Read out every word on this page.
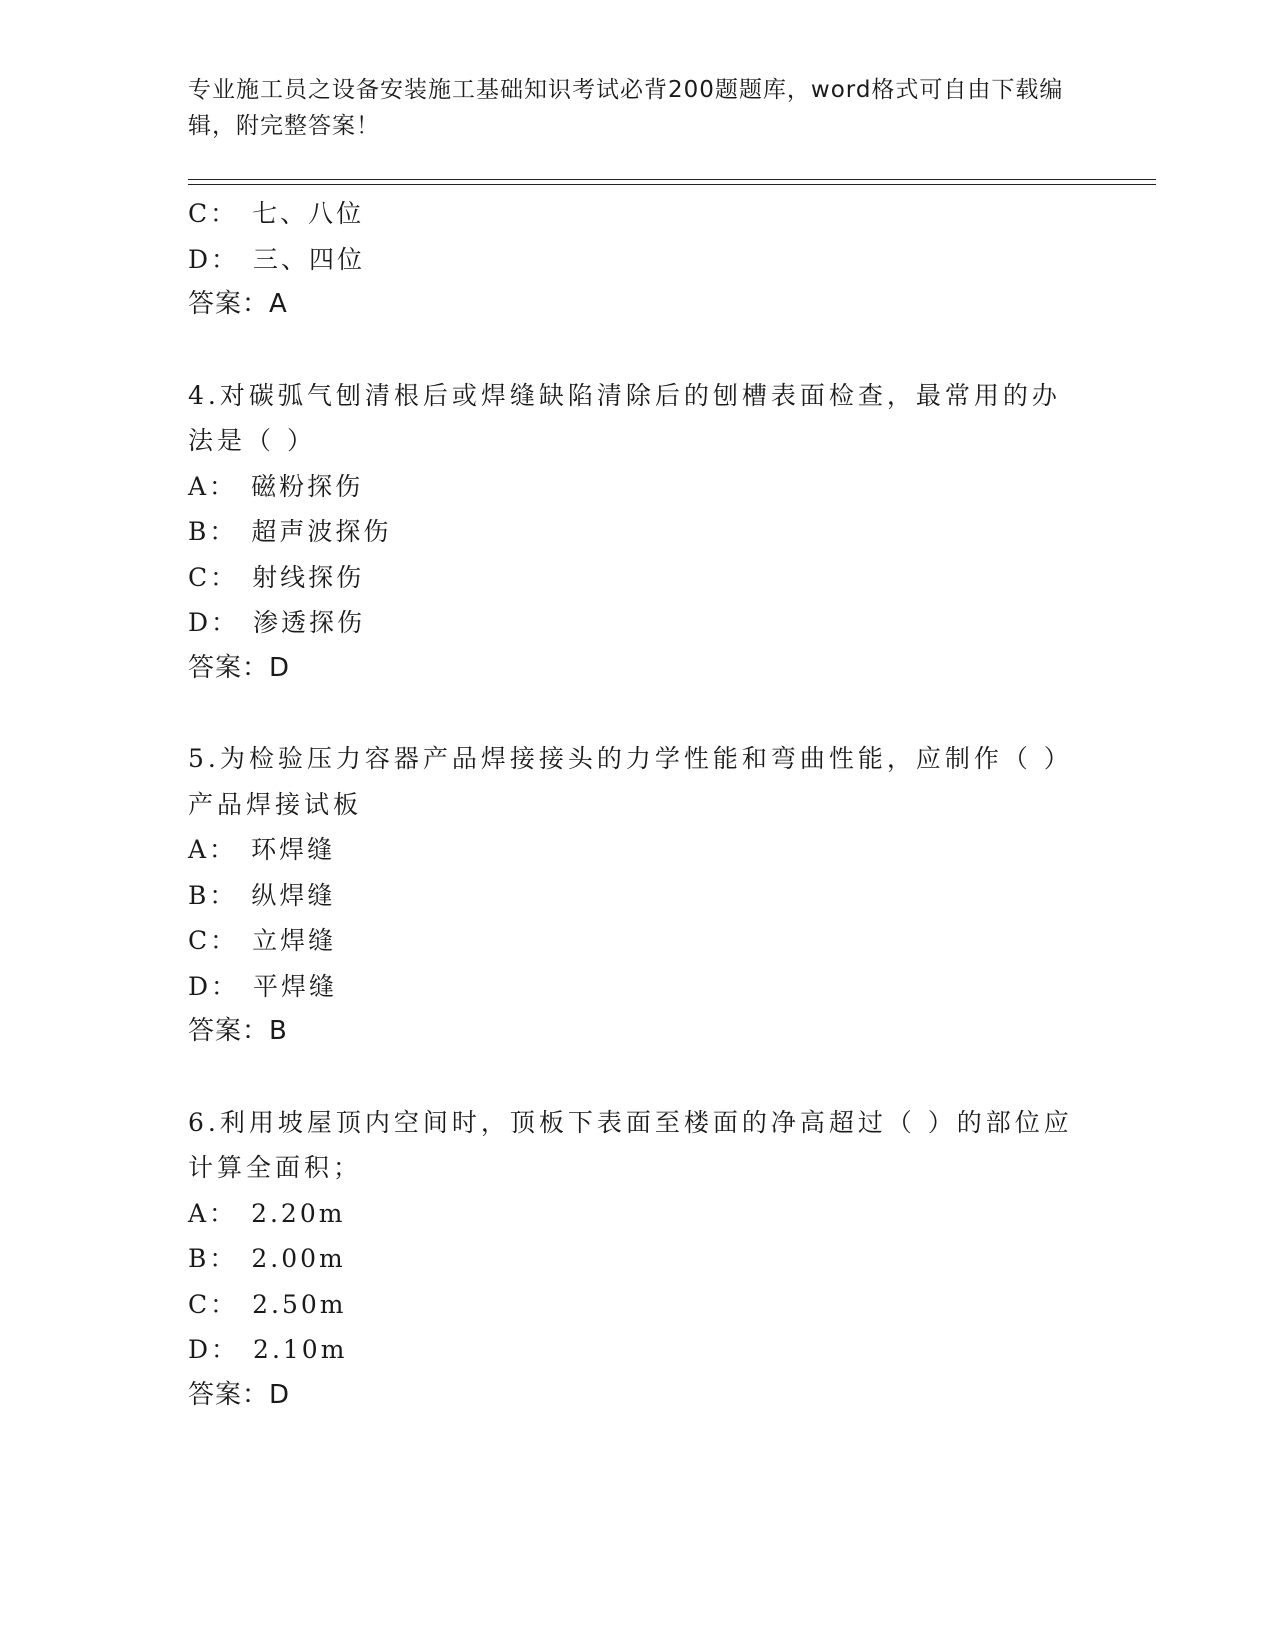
专业施工员之设备安装施工基础知识考试必背200题题库，word格式可自由下载编辑，附完整答案！
C： 七、八位
D： 三、四位
答案：A
4.对碳弧气刨清根后或焊缝缺陷清除后的刨槽表面检查，最常用的办法是（ ）
A： 磁粉探伤
B： 超声波探伤
C： 射线探伤
D： 渗透探伤
答案：D
5.为检验压力容器产品焊接接头的力学性能和弯曲性能，应制作（ ）产品焊接试板
A： 环焊缝
B： 纵焊缝
C： 立焊缝
D： 平焊缝
答案：B
6.利用坡屋顶内空间时，顶板下表面至楼面的净高超过（ ）的部位应计算全面积；
A： 2.20m
B： 2.00m
C： 2.50m
D： 2.10m
答案：D
